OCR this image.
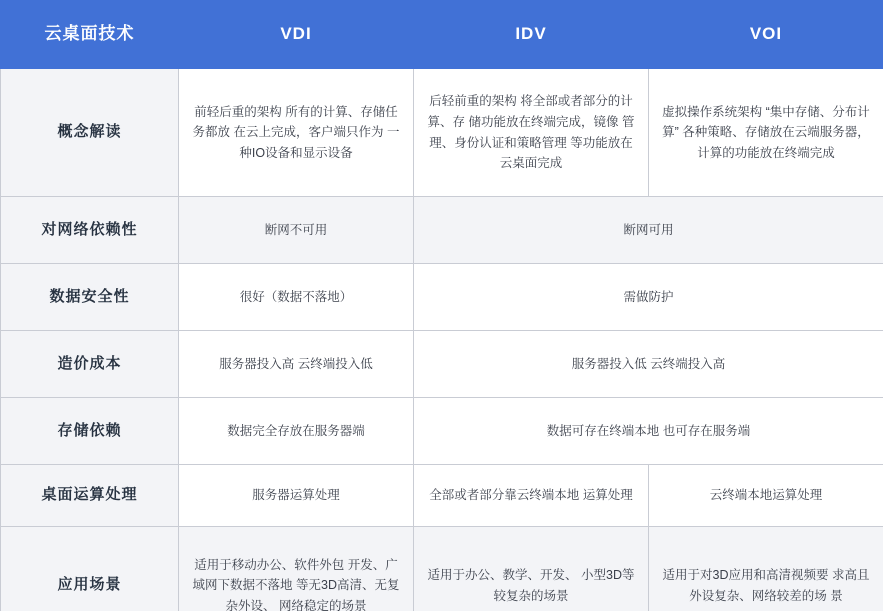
云桌面技术	VDI	IDV	VOI
概念解读	前轻后重的架构 所有的计算、存储任务都放 在云上完成，客户端只作为 一种IO设备和显示设备	后轻前重的架构 将全部或者部分的计算、存 储功能放在终端完成，镜像 管理、身份认证和策略管理 等功能放在云桌面完成	虚拟操作系统架构 “集中存储、分布计算” 各种策略、存储放在云端服务器， 计算的功能放在终端完成
对网络依赖性	断网不可用	断网可用	
数据安全性	很好（数据不落地）	需做防护	
造价成本	服务器投入高 云终端投入低	服务器投入低 云终端投入高	
存储依赖	数据完全存放在服务器端	数据可存在终端本地 也可存在服务端	
桌面运算处理	服务器运算处理	全部或者部分靠云终端本地 运算处理	云终端本地运算处理
应用场景	适用于移动办公、软件外包 开发、广域网下数据不落地 等无3D高清、无复杂外设、 网络稳定的场景	适用于办公、教学、开发、 小型3D等较复杂的场景	适用于对3D应用和高清视频要 求高且外设复杂、网络较差的场 景
